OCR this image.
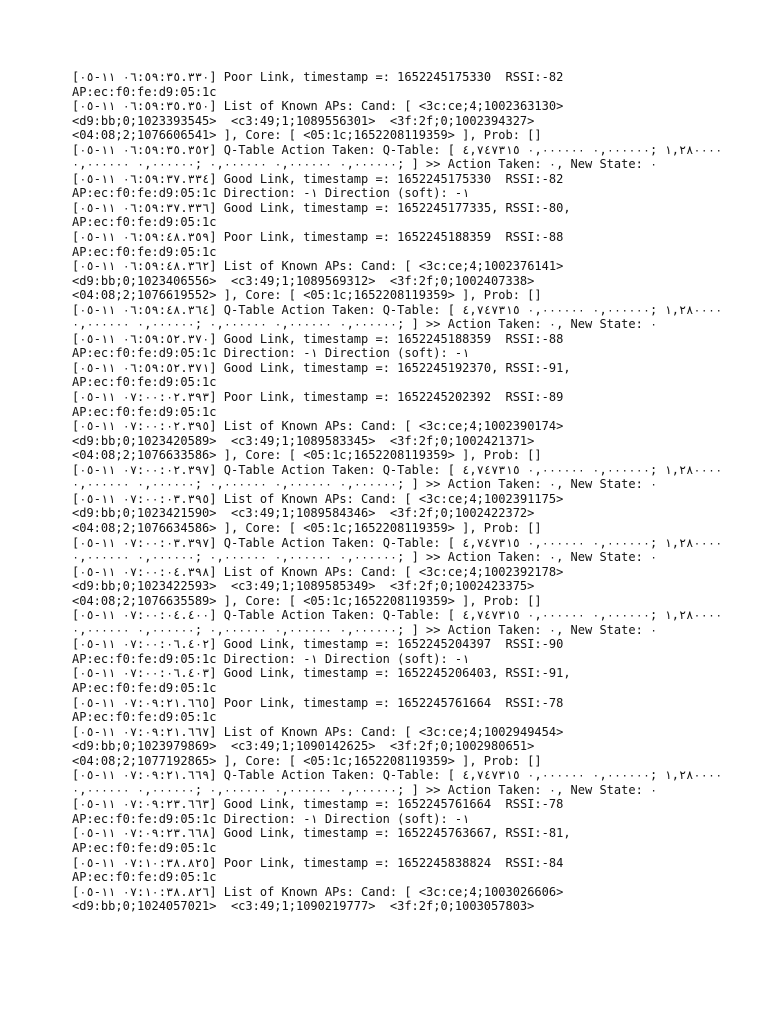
[٠٦:٥٩:٣٥.٣٣٠ ١١-٠٥] Poor Link, timestamp =: 1652245175330  RSSI:-82

AP:ec:f0:fe:d9:05:1c

[٠٦:٥٩:٣٥.٣٥٠ ١١-٠٥] List of Known APs: Cand: [ <3c:ce;4;1002363130>

<d9:bb;0;1023393545>  <c3:49;1;1089556301>  <3f:2f;0;1002394327>

<04:08;2;1076606541> ], Core: [ <05:1c;1652208119359> ], Prob: []

[٠٦:٥٩:٣٥.٣٥٢ ١١-٠٥] Q-Table Action Taken: Q-Table: [ ١,٢٨٠٠٠٠ ;٠,٠٠٠٠٠٠ ٠,٠٠٠٠٠٠ ٤,٧٤٧٣١٥

٠,٠٠٠٠٠٠ ٠,٠٠٠٠٠٠ ٠,٠٠٠٠٠٠ ;٠,٠٠٠٠٠٠ ٠,٠٠٠٠٠٠; ] >> Action Taken: ٠, New State: ٠

[٠٦:٥٩:٣٧.٣٣٤ ١١-٠٥] Good Link, timestamp =: 1652245175330  RSSI:-82

AP:ec:f0:fe:d9:05:1c Direction: -١ Direction (soft): -١

[٠٦:٥٩:٣٧.٣٣٦ ١١-٠٥] Good Link, timestamp =: 1652245177335, RSSI:-80,

AP:ec:f0:fe:d9:05:1c

[٠٦:٥٩:٤٨.٣٥٩ ١١-٠٥] Poor Link, timestamp =: 1652245188359  RSSI:-88

AP:ec:f0:fe:d9:05:1c

[٠٦:٥٩:٤٨.٣٦٢ ١١-٠٥] List of Known APs: Cand: [ <3c:ce;4;1002376141>

<d9:bb;0;1023406556>  <c3:49;1;1089569312>  <3f:2f;0;1002407338>

<04:08;2;1076619552> ], Core: [ <05:1c;1652208119359> ], Prob: []

[٠٦:٥٩:٤٨.٣٦٤ ١١-٠٥] Q-Table Action Taken: Q-Table: [ ١,٢٨٠٠٠٠ ;٠,٠٠٠٠٠٠ ٠,٠٠٠٠٠٠ ٤,٧٤٧٣١٥

٠,٠٠٠٠٠٠ ٠,٠٠٠٠٠٠ ٠,٠٠٠٠٠٠ ;٠,٠٠٠٠٠٠ ٠,٠٠٠٠٠٠; ] >> Action Taken: ٠, New State: ٠

[٠٦:٥٩:٥٢.٣٧٠ ١١-٠٥] Good Link, timestamp =: 1652245188359  RSSI:-88

AP:ec:f0:fe:d9:05:1c Direction: -١ Direction (soft): -١

[٠٦:٥٩:٥٢.٣٧١ ١١-٠٥] Good Link, timestamp =: 1652245192370, RSSI:-91,

AP:ec:f0:fe:d9:05:1c

[٠٧:٠٠:٠٢.٣٩٣ ١١-٠٥] Poor Link, timestamp =: 1652245202392  RSSI:-89

AP:ec:f0:fe:d9:05:1c

[٠٧:٠٠:٠٢.٣٩٥ ١١-٠٥] List of Known APs: Cand: [ <3c:ce;4;1002390174>

<d9:bb;0;1023420589>  <c3:49;1;1089583345>  <3f:2f;0;1002421371>

<04:08;2;1076633586> ], Core: [ <05:1c;1652208119359> ], Prob: []

[٠٧:٠٠:٠٢.٣٩٧ ١١-٠٥] Q-Table Action Taken: Q-Table: [ ١,٢٨٠٠٠٠ ;٠,٠٠٠٠٠٠ ٠,٠٠٠٠٠٠ ٤,٧٤٧٣١٥

٠,٠٠٠٠٠٠ ٠,٠٠٠٠٠٠ ٠,٠٠٠٠٠٠ ;٠,٠٠٠٠٠٠ ٠,٠٠٠٠٠٠; ] >> Action Taken: ٠, New State: ٠

[٠٧:٠٠:٠٣.٣٩٥ ١١-٠٥] List of Known APs: Cand: [ <3c:ce;4;1002391175>

<d9:bb;0;1023421590>  <c3:49;1;1089584346>  <3f:2f;0;1002422372>

<04:08;2;1076634586> ], Core: [ <05:1c;1652208119359> ], Prob: []

[٠٧:٠٠:٠٣.٣٩٧ ١١-٠٥] Q-Table Action Taken: Q-Table: [ ١,٢٨٠٠٠٠ ;٠,٠٠٠٠٠٠ ٠,٠٠٠٠٠٠ ٤,٧٤٧٣١٥

٠,٠٠٠٠٠٠ ٠,٠٠٠٠٠٠ ٠,٠٠٠٠٠٠ ;٠,٠٠٠٠٠٠ ٠,٠٠٠٠٠٠; ] >> Action Taken: ٠, New State: ٠

[٠٧:٠٠:٠٤.٣٩٨ ١١-٠٥] List of Known APs: Cand: [ <3c:ce;4;1002392178>

<d9:bb;0;1023422593>  <c3:49;1;1089585349>  <3f:2f;0;1002423375>

<04:08;2;1076635589> ], Core: [ <05:1c;1652208119359> ], Prob: []

[٠٧:٠٠:٠٤.٤٠٠ ١١-٠٥] Q-Table Action Taken: Q-Table: [ ١,٢٨٠٠٠٠ ;٠,٠٠٠٠٠٠ ٠,٠٠٠٠٠٠ ٤,٧٤٧٣١٥

٠,٠٠٠٠٠٠ ٠,٠٠٠٠٠٠ ٠,٠٠٠٠٠٠ ;٠,٠٠٠٠٠٠ ٠,٠٠٠٠٠٠; ] >> Action Taken: ٠, New State: ٠

[٠٧:٠٠:٠٦.٤٠٢ ١١-٠٥] Good Link, timestamp =: 1652245204397  RSSI:-90

AP:ec:f0:fe:d9:05:1c Direction: -١ Direction (soft): -١

[٠٧:٠٠:٠٦.٤٠٣ ١١-٠٥] Good Link, timestamp =: 1652245206403, RSSI:-91,

AP:ec:f0:fe:d9:05:1c

[٠٧:٠٩:٢١.٦٦٥ ١١-٠٥] Poor Link, timestamp =: 1652245761664  RSSI:-78

AP:ec:f0:fe:d9:05:1c

[٠٧:٠٩:٢١.٦٦٧ ١١-٠٥] List of Known APs: Cand: [ <3c:ce;4;1002949454>

<d9:bb;0;1023979869>  <c3:49;1;1090142625>  <3f:2f;0;1002980651>

<04:08;2;1077192865> ], Core: [ <05:1c;1652208119359> ], Prob: []

[٠٧:٠٩:٢١.٦٦٩ ١١-٠٥] Q-Table Action Taken: Q-Table: [ ١,٢٨٠٠٠٠ ;٠,٠٠٠٠٠٠ ٠,٠٠٠٠٠٠ ٤,٧٤٧٣١٥

٠,٠٠٠٠٠٠ ٠,٠٠٠٠٠٠ ٠,٠٠٠٠٠٠ ;٠,٠٠٠٠٠٠ ٠,٠٠٠٠٠٠; ] >> Action Taken: ٠, New State: ٠

[٠٧:٠٩:٢٣.٦٦٣ ١١-٠٥] Good Link, timestamp =: 1652245761664  RSSI:-78

AP:ec:f0:fe:d9:05:1c Direction: -١ Direction (soft): -١

[٠٧:٠٩:٢٣.٦٦٨ ١١-٠٥] Good Link, timestamp =: 1652245763667, RSSI:-81,

AP:ec:f0:fe:d9:05:1c

[٠٧:١٠:٣٨.٨٢٥ ١١-٠٥] Poor Link, timestamp =: 1652245838824  RSSI:-84

AP:ec:f0:fe:d9:05:1c

[٠٧:١٠:٣٨.٨٢٦ ١١-٠٥] List of Known APs: Cand: [ <3c:ce;4;1003026606>

<d9:bb;0;1024057021>  <c3:49;1;1090219777>  <3f:2f;0;1003057803>
